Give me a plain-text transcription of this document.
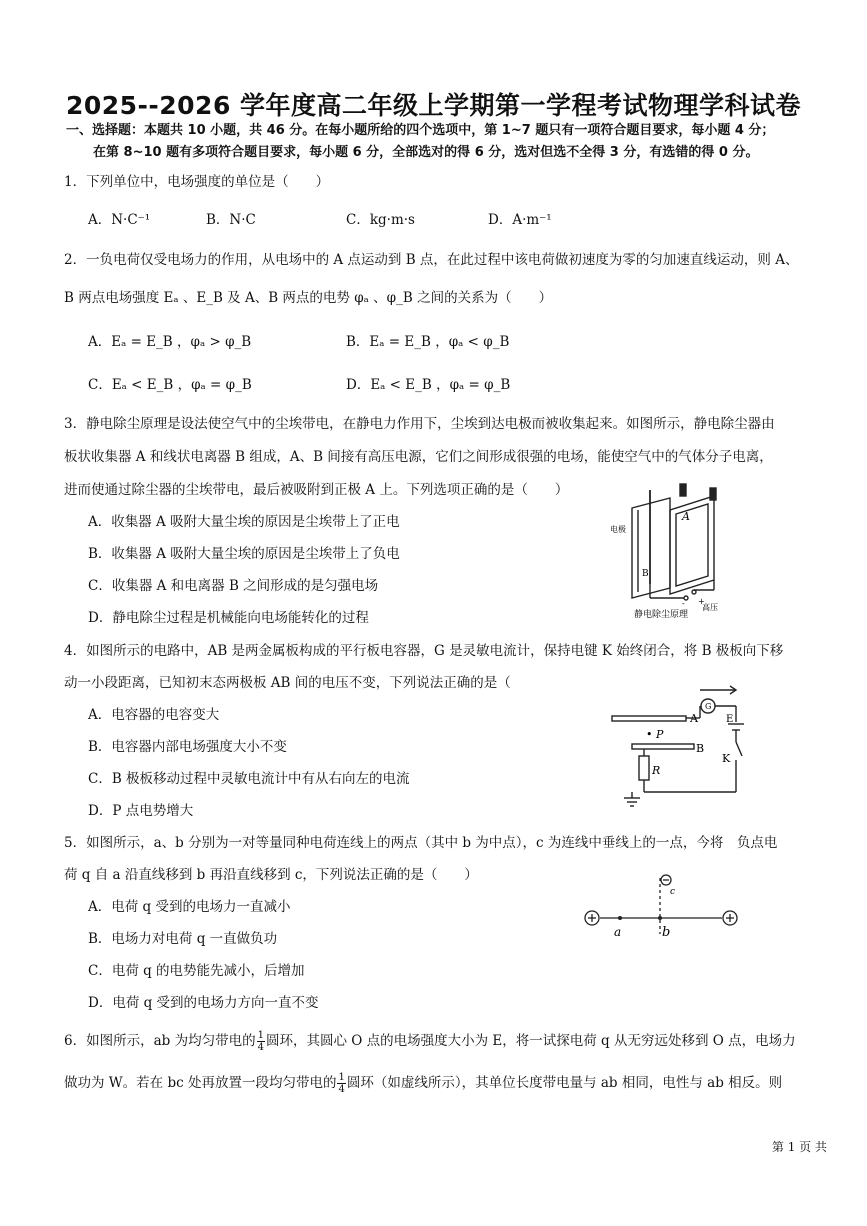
2025--2026 学年度高二年级上学期第一学程考试物理学科试卷
一、选择题：本题共 10 小题，共 46 分。在每小题所给的四个选项中，第 1~7 题只有一项符合题目要求，每小题 4 分；
在第 8~10 题有多项符合题目要求，每小题 6 分，全部选对的得 6 分，选对但选不全得 3 分，有选错的得 0 分。
1．下列单位中，电场强度的单位是（　　）
A．N·C⁻¹	B．N·C	C．kg·m·s	D．A·m⁻¹
2．一负电荷仅受电场力的作用，从电场中的 A 点运动到 B 点，在此过程中该电荷做初速度为零的匀加速直线运动，则 A、
B 两点电场强度 Eₐ 、E_B 及 A、B 两点的电势 φₐ 、φ_B 之间的关系为（　　）
A．Eₐ = E_B ，φₐ > φ_B	B．Eₐ = E_B ，φₐ < φ_B
C．Eₐ < E_B ，φₐ = φ_B	D．Eₐ < E_B ，φₐ = φ_B
3．静电除尘原理是设法使空气中的尘埃带电，在静电力作用下，尘埃到达电极而被收集起来。如图所示，静电除尘器由
板状收集器 A 和线状电离器 B 组成，A、B 间接有高压电源，它们之间形成很强的电场，能使空气中的气体分子电离，
进而使通过除尘器的尘埃带电，最后被吸附到正极 A 上。下列选项正确的是（　　）
A．收集器 A 吸附大量尘埃的原因是尘埃带上了正电
B．收集器 A 吸附大量尘埃的原因是尘埃带上了负电
C．收集器 A 和电离器 B 之间形成的是匀强电场
D．静电除尘过程是机械能向电场能转化的过程
电极
A
B
+
高压
-
静电除尘原理
4．如图所示的电路中，AB 是两金属板构成的平行板电容器，G 是灵敏电流计，保持电键 K 始终闭合，将 B 极板向下移
动一小段距离，已知初末态两极板 AB 间的电压不变，下列说法正确的是（
A．电容器的电容变大
B．电容器内部电场强度大小不变
C．B 极板移动过程中灵敏电流计中有从右向左的电流
D．P 点电势增大
A
B
• P
R
E
K
G
5．如图所示，a、b 分别为一对等量同种电荷连线上的两点（其中 b 为中点），c 为连线中垂线上的一点，今将　负点电
荷 q 自 a 沿直线移到 b 再沿直线移到 c，下列说法正确的是（　　）
A．电荷 q 受到的电场力一直减小
B．电场力对电荷 q 一直做负功
C．电荷 q 的电势能先减小，后增加
D．电荷 q 受到的电场力方向一直不变
a	b
c
6．如图所示，ab 为均匀带电的 $\frac{1}{4}$ 圆环，其圆心 O 点的电场强度大小为 E，将一试探电荷 q 从无穷远处移到 O 点，电场力
做功为 W。若在 bc 处再放置一段均匀带电的 $\frac{1}{4}$ 圆环（如虚线所示），其单位长度带电量与 ab 相同，电性与 ab 相反。则
第 1 页 共
